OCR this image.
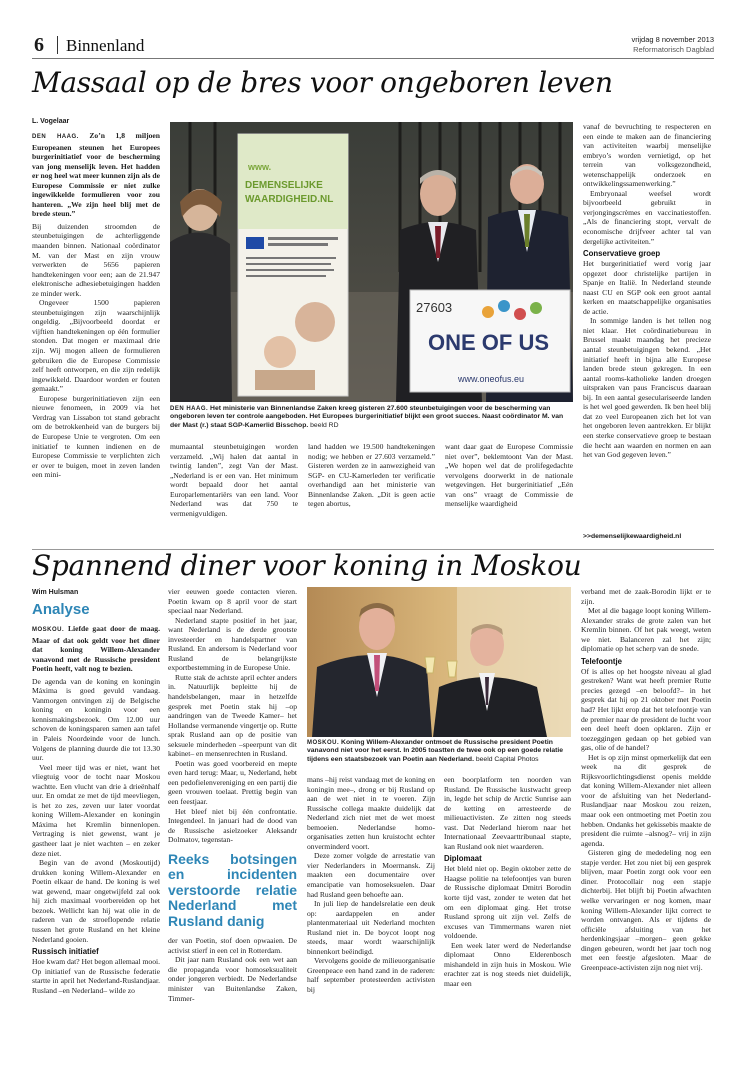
6 Binnenland	vrijdag 8 november 2013
Reformatorisch Dagblad
Massaal op de bres voor ongeboren leven
L. Vogelaar

DEN HAAG. Zo’n 1,8 miljoen Europeanen steunen het Europees burgerinitiatief voor de bescherming van jong menselijk leven. Het hadden er nog heel wat meer kunnen zijn als de Europese Commissie er niet zulke ingewikkelde formulieren voor zou hanteren. „We zijn heel blij met de brede steun.”

Bij duizenden stroomden de steunbetuigingen de achterliggende maanden binnen. Nationaal coördinator M. van der Mast en zijn vrouw verwerkten de 5656 papieren handtekeningen voor een; aan de 21.947 elektronische adhesiebetuigingen hadden ze minder werk.

Ongeveer 1500 papieren steunbetuigingen zijn waarschijnlijk ongeldig. „Bijvoorbeeld doordat er vijftien handtekeningen op één formulier stonden. Dat mogen er maximaal drie zijn. Wij mogen alleen de formulieren gebruiken die de Europese Commissie zelf heeft ontworpen, en die zijn redelijk ingewikkeld. Daardoor worden er fouten gemaakt.”

Europese burgerinitiatieven zijn een nieuwe fenomeen, in 2009 via het Verdrag van Lissabon tot stand gebracht om de betrokkenheid van de burgers bij de Europese Unie te vergroten. Om een initiatief te kunnen indienen en de Europese Commissie te verplichten zich er over te buigen, moet in zeven landen een mini-

www.
DEMENSELIJKE
WAARDIGHEID.NL
27603
ONE OF US
www.oneofus.eu
DEN HAAG. Het ministerie van Binnenlandse Zaken kreeg gisteren 27.600 steunbetuigingen voor de bescherming van ongeboren leven ter controle aangeboden. Het Europees burgerinitiatief blijkt een groot succes. Naast coördinator M. van der Mast (r.) staat SGP-Kamerlid Bisschop. beeld RD

mumaantal steunbetuigingen worden verzameld. „Wij halen dat aantal in twintig landen”, zegt Van der Mast. „Nederland is er een van. Het minimum wordt bepaald door het aantal Europarlementariërs van een land. Voor Nederland was dat 750 te vermenigvuldigen.

land hadden we 19.500 handtekeningen nodig; we hebben er 27.603 verzameld.” Gisteren werden ze in aanwezigheid van SGP- en CU-Kamerleden ter verificatie overhandigd aan het ministerie van Binnenlandse Zaken. „Dit is geen actie tegen abortus,

want daar gaat de Europese Commissie niet over”, beklemtoont Van der Mast. „We hopen wel dat de prolifegedachte vervolgens doorwerkt in de nationale wetgevingen. Het burgerinitiatief „Eén van ons” vraagt de Commissie de menselijke waardigheid

vanaf de bevruchting te respecteren en een einde te maken aan de financiering van activiteiten waarbij menselijke embryo’s worden vernietigd, op het terrein van volksgezondheid, wetenschappelijk onderzoek en ontwikkelingssamenwerking.”

Embryonaal weefsel wordt bijvoorbeeld gebruikt in verjongingscrèmes en vaccinatiestoffen. „Als de financiering stopt, vervalt de economische drijfveer achter tal van dergelijke activiteiten.”

Conservatieve groep

Het burgerinitiatief werd vorig jaar opgezet door christelijke partijen in Spanje en Italië. In Nederland steunde naast CU en SGP ook een groot aantal kerken en maatschappelijke organisaties de actie.

In sommige landen is het tellen nog niet klaar. Het coördinatiebureau in Brussel maakt maandag het precieze aantal steunbetuigingen bekend. „Het initiatief heeft in bijna alle Europese landen brede steun gekregen. In een aantal rooms-katholieke landen droegen uitspraken van paus Franciscus daaraan bij. In een aantal geseculariseerde landen is het wel goed gewerden. Ik ben heel blij dat zo veel Europeanen zich het lot van het ongeboren leven aantrekken. Er blijkt een sterke conservatieve groep te bestaan die hecht aan waarden en normen en aan het van God gegeven leven.”

>>demenselijkewaardigheid.nl
Spannend diner voor koning in Moskou
Wim Hulsman
Analyse

MOSKOU. Liefde gaat door de maag. Maar of dat ook geldt voor het diner dat koning Willem-Alexander vanavond met de Russische president Poetin heeft, valt nog te bezien.

De agenda van de koning en koningin Máxima is goed gevuld vandaag. Vanmorgen ontvingen zij de Belgische koning en koningin voor een kennismakingsbezoek. Om 12.00 uur schoven de koningsparen samen aan tafel in Paleis Noordeinde voor de lunch. Volgens de planning duurde die tot 13.30 uur.

Veel meer tijd was er niet, want het vliegtuig voor de tocht naar Moskou wachtte. Een vlucht van drie à drieënhalf uur. En omdat ze met de tijd meevliegen, is het zo zes, zeven uur later voordat koning Willem-Alexander en koningin Máxima het Kremlin binnenlopen. Vertraging is niet gewenst, want je gastheer laat je niet wachten – en zeker deze niet.

Begin van de avond (Moskoutijd) drukken koning Willem-Alexander en Poetin elkaar de hand. De koning is wel wat gewend, maar ongetwijfeld zal ook hij zich maximaal voorbereiden op het bezoek. Wellicht kan hij wat olie in de raderen van de stroeflopende relatie tussen het grote Rusland en het kleine Nederland gooien.

Russisch initiatief

Hoe kwam dat? Het begon allemaal mooi. Op initiatief van de Russische federatie startte in april het Nederland-Ruslandjaar. Rusland –en Nederland– wilde zo

vier eeuwen goede contacten vieren. Poetin kwam op 8 april voor de start speciaal naar Nederland.

Nederland stapte positief in het jaar, want Nederland is de derde grootste investeerder en handelspartner van Rusland. En andersom is Nederland voor Rusland de belangrijkste exportbestemming in de Europese Unie.

Rutte stak de achtste april echter anders in. Natuurlijk bepleitte hij de handelsbelangen, maar in hetzelfde gesprek met Poetin stak hij –op aandringen van de Tweede Kamer– het Hollandse vermanende vingertje op. Rutte sprak Rusland aan op de positie van seksuele minderheden –speerpunt van dit kabinet– en mensenrechten in Rusland.

Poetin was goed voorbereid en mepte even hard terug: Maar, u, Nederland, hebt een pedofielenvereniging en een partij die geen vrouwen toelaat. Prettig begin van een feestjaar.

Het bleef niet bij één confrontatie. Integendeel. In januari had de dood van de Russische asielzoeker Aleksandr Dolmatov, tegenstan-

Reeks botsingen en incidenten verstoorde relatie Nederland met Rusland danig

der van Poetin, stof doen opwaaien. De activist stierf in een cel in Rotterdam.

Dit jaar nam Rusland ook een wet aan die propaganda voor homoseksualiteit onder jongeren verbiedt. De Nederlandse minister van Buitenlandse Zaken, Timmer-

MOSKOU. Koning Willem-Alexander ontmoet de Russische president Poetin vanavond niet voor het eerst. In 2005 toastten de twee ook op een goede relatie tijdens een staatsbezoek van Poetin aan Nederland. beeld Capital Photos

mans –hij reist vandaag met de koning en koningin mee–, drong er bij Rusland op aan de wet niet in te voeren. Zijn Russische collega maakte duidelijk dat Nederland zich niet met de wet moest bemoeien. Nederlandse homo-organisaties zetten hun kruistocht echter onverminderd voort.

Deze zomer volgde de arrestatie van vier Nederlanders in Moermansk. Zij maakten een documentaire over emancipatie van homoseksuelen. Daar had Rusland geen behoefte aan.

In juli liep de handelsrelatie een deuk op: aardappelen en ander plantenmateriaal uit Nederland mochten Rusland niet in. De boycot loopt nog steeds, maar wordt waarschijnlijk binnenkort beëindigd.

Vervolgens gooide de milieuorganisatie Greenpeace een hand zand in de raderen: half september protesteerden activisten bij

een boorplatform ten noorden van Rusland. De Russische kustwacht greep in, legde het schip de Arctic Sunrise aan de ketting en arresteerde de milieuactivisten. Ze zitten nog steeds vast. Dat Nederland hierom naar het Internationaal Zeevaarttribunaal stapte, kan Rusland ook niet waarderen.

Diplomaat

Het bleld niet op. Begin oktober zette de Haagse politie na telefoontjes van buren de Russische diplomaat Dmitri Borodin korte tijd vast, zonder te weten dat het om een diplomaat ging. Het trotse Rusland sprong uit zijn vel. Zelfs de excuses van Timmermans waren niet voldoende.

Een week later werd de Nederlandse diplomaat Onno Elderenbosch mishandeld in zijn huis in Moskou. Wie erachter zat is nog steeds niet duidelijk, maar een

verband met de zaak-Borodin lijkt er te zijn.

Met al die bagage loopt koning Willem-Alexander straks de grote zalen van het Kremlin binnen. Of het pak weegt, weten we niet. Balanceren zal het zijn; diplomatie op het scherp van de snede.

Telefoontje

Of is alles op het hoogste niveau al glad gestreken? Want wat heeft premier Rutte precies gezegd –en beloofd?– in het gesprek dat hij op 21 oktober met Poetin had? Het lijkt erop dat het telefoontje van de premier naar de president de lucht voor een deel heeft doen opklaren. Zijn er toezeggingen gedaan op het gebied van gas, olie of de handel?

Het is op zijn minst opmerkelijk dat een week na dit gesprek de Rijksvoorlichtingsdienst openis meldde dat koning Willem-Alexander niet alleen voor de afsluiting van het Nederland-Ruslandjaar naar Moskou zou reizen, maar ook een ontmoeting met Poetin zou hebben. Ondanks het gekissebis maakte de president die ruimte –alsnog?– vrij in zijn agenda.

Gisteren ging de mededeling nog een stapje verder. Het zou niet bij een gesprek blijven, maar Poetin zorgt ook voor een diner. Protocollair nog een stapje dichterbij. Het blijft bij Poetin afwachten welke vervaringen er nog komen, maar koning Willem-Alexander lijkt correct te worden ontvangen. Als er tijdens de officiële afsluiting van het herdenkingsjaar –morgen– geen gekke dingen gebeuren, wordt het jaar toch nog met een feestje afgesloten. Maar de Greenpeace-activisten zijn nog niet vrij.
